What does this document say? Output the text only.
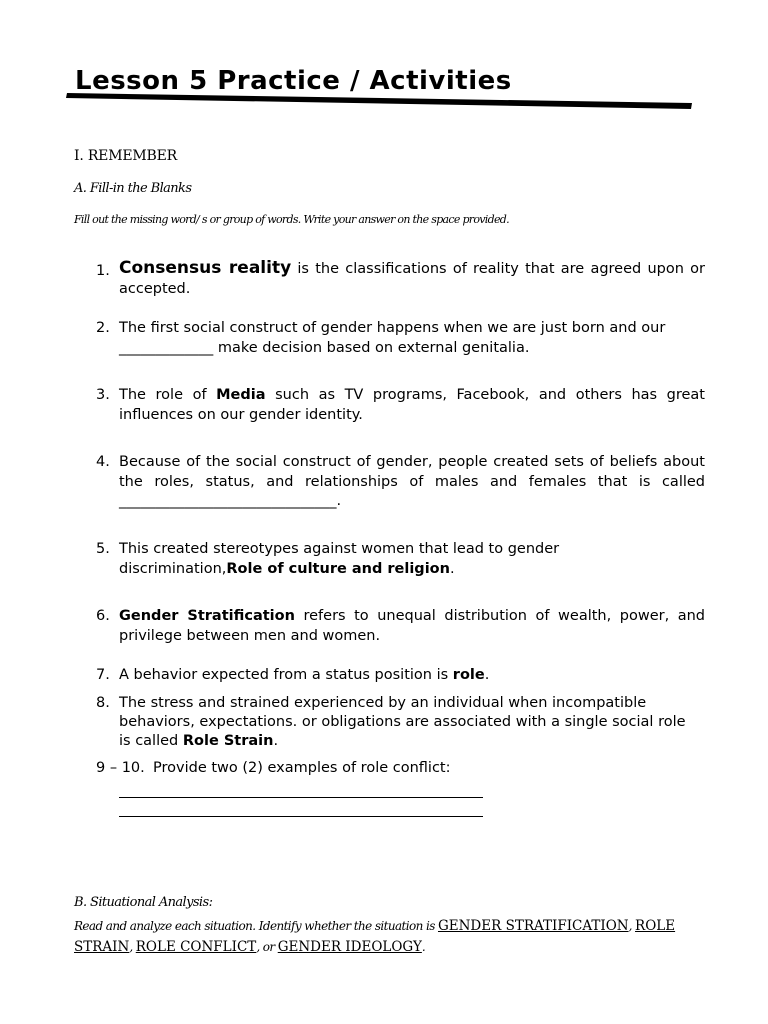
Lesson 5 Practice / Activities
I. REMEMBER
A. Fill-in the Blanks
Fill out the missing word/ s or group of words. Write your answer on the space provided.
1. Consensus reality is the classifications of reality that are agreed upon or accepted.
2. The first social construct of gender happens when we are just born and our _____________ make decision based on external genitalia.
3. The role of Media such as TV programs, Facebook, and others has great influences on our gender identity.
4. Because of the social construct of gender, people created sets of beliefs about the roles, status, and relationships of males and females that is called ______________________________.
5. This created stereotypes against women that lead to gender discrimination,Role of culture and religion.
6. Gender Stratification refers to unequal distribution of wealth, power, and privilege between men and women.
7. A behavior expected from a status position is role.
8. The stress and strained experienced by an individual when incompatible behaviors, expectations. or obligations are associated with a single social role is called Role Strain.
9 – 10. Provide two (2) examples of role conflict:
B. Situational Analysis:
Read and analyze each situation. Identify whether the situation is GENDER STRATIFICATION, ROLE STRAIN, ROLE CONFLICT, or GENDER IDEOLOGY.
